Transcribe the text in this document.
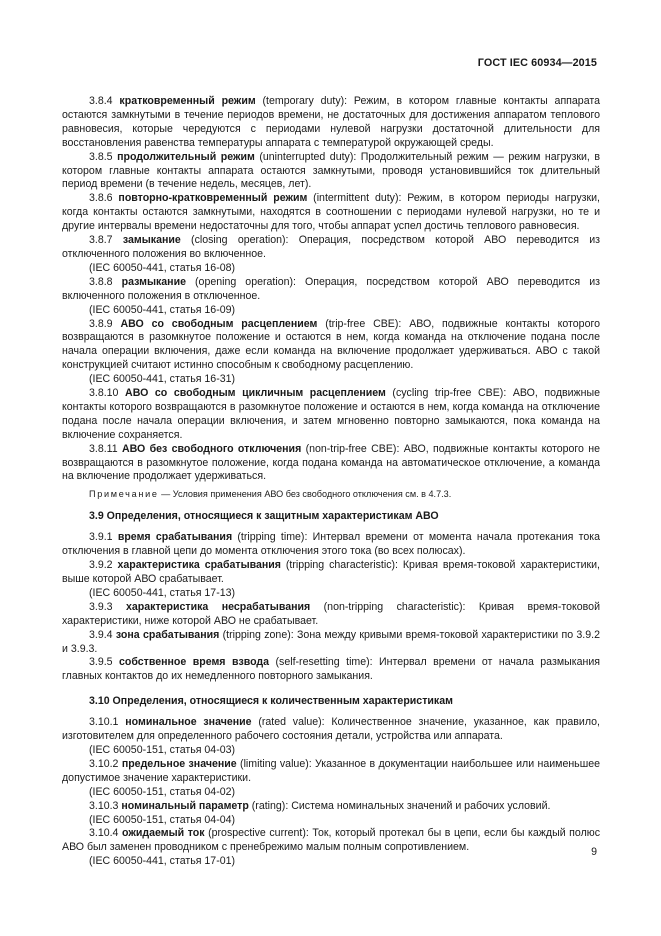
ГОСТ IEC 60934—2015

3.8.4 кратковременный режим (temporary duty): Режим, в котором главные контакты аппарата остаются замкнутыми в течение периодов времени, не достаточных для достижения аппаратом теплового равновесия, которые чередуются с периодами нулевой нагрузки достаточной длительности для восстановления равенства температуры аппарата с температурой окружающей среды.

3.8.5 продолжительный режим (uninterrupted duty): Продолжительный режим — режим нагрузки, в котором главные контакты аппарата остаются замкнутыми, проводя установившийся ток длительный период времени (в течение недель, месяцев, лет).

3.8.6 повторно-кратковременный режим (intermittent duty): Режим, в котором периоды нагрузки, когда контакты остаются замкнутыми, находятся в соотношении с периодами нулевой нагрузки, но те и другие интервалы времени недостаточны для того, чтобы аппарат успел достичь теплового равновесия.

3.8.7 замыкание (closing operation): Операция, посредством которой АВО переводится из отключенного положения во включенное.

(IEC 60050-441, статья 16-08)

3.8.8 размыкание (opening operation): Операция, посредством которой АВО переводится из включенного положения в отключенное.

(IEC 60050-441, статья 16-09)

3.8.9 АВО со свободным расцеплением (trip-free CBE): АВО, подвижные контакты которого возвращаются в разомкнутое положение и остаются в нем, когда команда на отключение подана после начала операции включения, даже если команда на включение продолжает удерживаться. АВО с такой конструкцией считают истинно способным к свободному расцеплению.

(IEC 60050-441, статья 16-31)

3.8.10 АВО со свободным цикличным расцеплением (cycling trip-free CBE): АВО, подвижные контакты которого возвращаются в разомкнутое положение и остаются в нем, когда команда на отключение подана после начала операции включения, и затем мгновенно повторно замыкаются, пока команда на включение сохраняется.

3.8.11 АВО без свободного отключения (non-trip-free CBE): АВО, подвижные контакты которого не возвращаются в разомкнутое положение, когда подана команда на автоматическое отключение, а команда на включение продолжает удерживаться.

Примечание — Условия применения АВО без свободного отключения см. в 4.7.3.

3.9 Определения, относящиеся к защитным характеристикам АВО

3.9.1 время срабатывания (tripping time): Интервал времени от момента начала протекания тока отключения в главной цепи до момента отключения этого тока (во всех полюсах).

3.9.2 характеристика срабатывания (tripping characteristic): Кривая время-токовой характеристики, выше которой АВО срабатывает.

(IEC 60050-441, статья 17-13)

3.9.3 характеристика несрабатывания (non-tripping characteristic): Кривая время-токовой характеристики, ниже которой АВО не срабатывает.

3.9.4 зона срабатывания (tripping zone): Зона между кривыми время-токовой характеристики по 3.9.2 и 3.9.3.

3.9.5 собственное время взвода (self-resetting time): Интервал времени от начала размыкания главных контактов до их немедленного повторного замыкания.

3.10 Определения, относящиеся к количественным характеристикам

3.10.1 номинальное значение (rated value): Количественное значение, указанное, как правило, изготовителем для определенного рабочего состояния детали, устройства или аппарата.

(IEC 60050-151, статья 04-03)

3.10.2 предельное значение (limiting value): Указанное в документации наибольшее или наименьшее допустимое значение характеристики.

(IEC 60050-151, статья 04-02)

3.10.3 номинальный параметр (rating): Система номинальных значений и рабочих условий.

(IEC 60050-151, статья 04-04)

3.10.4 ожидаемый ток (prospective current): Ток, который протекал бы в цепи, если бы каждый полюс АВО был заменен проводником с пренебрежимо малым полным сопротивлением.

(IEC 60050-441, статья 17-01)

9
